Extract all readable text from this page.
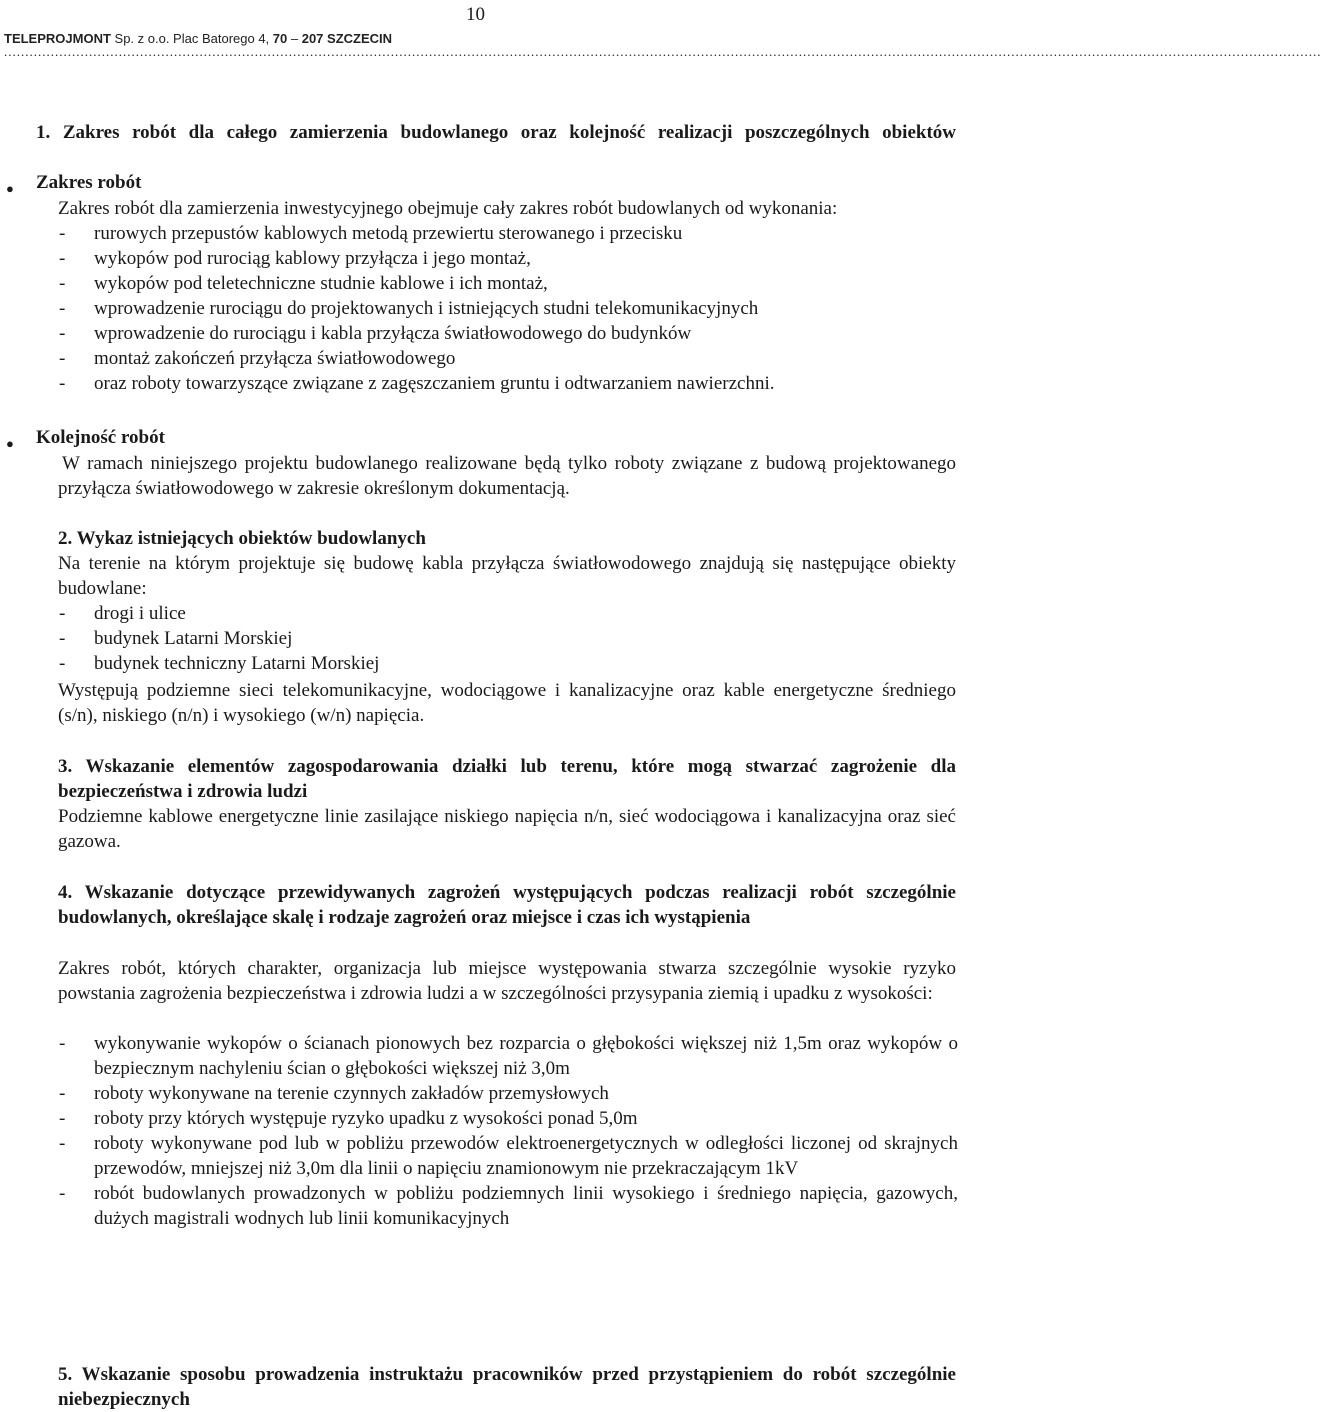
10
TELEPROJMONT Sp. z o.o. Plac Batorego 4, 70 – 207 SZCZECIN
......................................................................................................................................................................................................................................................................................................................
1. Zakres robót dla całego zamierzenia budowlanego oraz kolejność realizacji poszczególnych obiektów
● Zakres robót
Zakres robót dla zamierzenia inwestycyjnego obejmuje cały zakres robót budowlanych od wykonania:
- rurowych przepustów kablowych metodą przewiertu sterowanego i przecisku
- wykopów pod rurociąg kablowy przyłącza i jego montaż,
- wykopów pod teletechniczne studnie kablowe i ich montaż,
- wprowadzenie rurociągu do projektowanych i istniejących studni telekomunikacyjnych
- wprowadzenie do rurociągu i kabla przyłącza światłowodowego do budynków
- montaż zakończeń przyłącza światłowodowego
- oraz roboty towarzyszące związane z zagęszczaniem gruntu i odtwarzaniem nawierzchni.
● Kolejność robót
W ramach niniejszego projektu budowlanego realizowane będą tylko roboty związane z budową projektowanego przyłącza światłowodowego w zakresie określonym dokumentacją.
2. Wykaz istniejących obiektów budowlanych
Na terenie na którym projektuje się budowę kabla przyłącza światłowodowego znajdują się następujące obiekty budowlane:
- drogi i ulice
- budynek Latarni Morskiej
- budynek techniczny Latarni Morskiej
Występują podziemne sieci telekomunikacyjne, wodociągowe i kanalizacyjne oraz kable energetyczne średniego (s/n), niskiego (n/n) i wysokiego (w/n) napięcia.
3. Wskazanie elementów zagospodarowania działki lub terenu, które mogą stwarzać zagrożenie dla bezpieczeństwa i zdrowia ludzi
Podziemne kablowe energetyczne linie zasilające niskiego napięcia n/n, sieć wodociągowa i kanalizacyjna oraz sieć gazowa.
4. Wskazanie dotyczące przewidywanych zagrożeń występujących podczas realizacji robót szczególnie budowlanych, określające skalę i rodzaje zagrożeń oraz miejsce i czas ich wystąpienia
Zakres robót, których charakter, organizacja lub miejsce występowania stwarza szczególnie wysokie ryzyko powstania zagrożenia bezpieczeństwa i zdrowia ludzi a w szczególności przysypania ziemią i upadku z wysokości:
- wykonywanie wykopów o ścianach pionowych bez rozparcia o głębokości większej niż 1,5m oraz wykopów o bezpiecznym nachyleniu ścian o głębokości większej niż 3,0m
- roboty wykonywane na terenie czynnych zakładów przemysłowych
- roboty przy których występuje ryzyko upadku z wysokości ponad 5,0m
- roboty wykonywane pod lub w pobliżu przewodów elektroenergetycznych w odległości liczonej od skrajnych przewodów, mniejszej niż 3,0m dla linii o napięciu znamionowym nie przekraczającym 1kV
- robót budowlanych prowadzonych w pobliżu podziemnych linii wysokiego i średniego napięcia, gazowych, dużych magistrali wodnych lub linii komunikacyjnych
5. Wskazanie sposobu prowadzenia instruktażu pracowników przed przystąpieniem do robót szczególnie niebezpiecznych
